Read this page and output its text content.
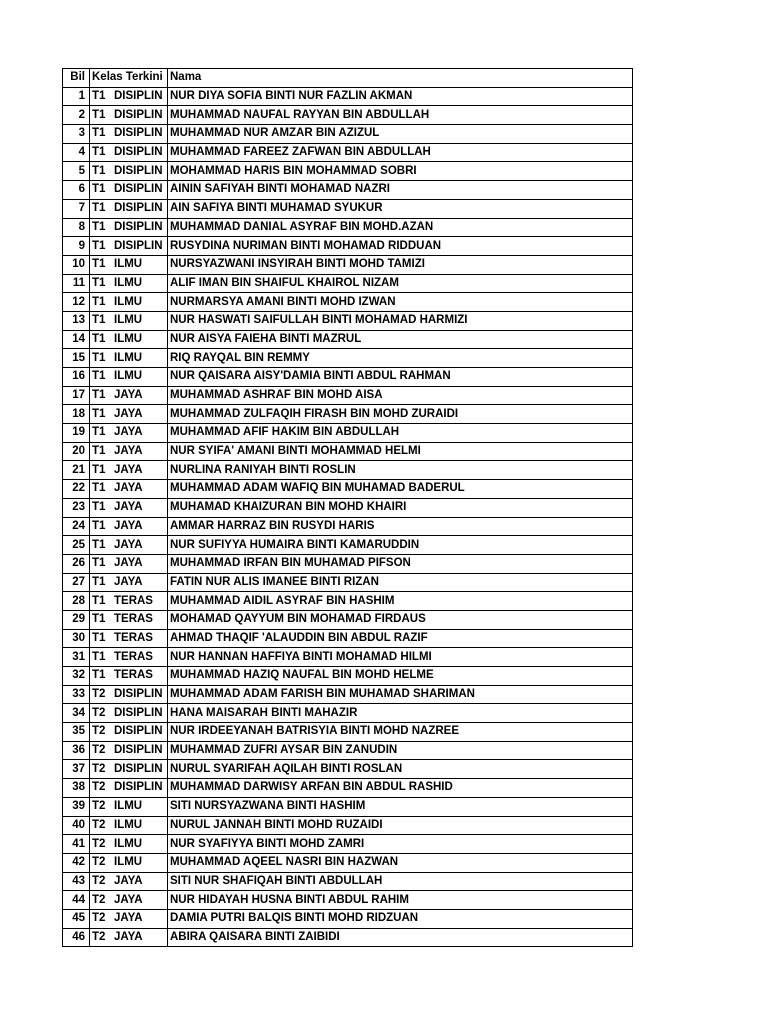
Bil	Kelas Terkini	Nama
1	T1 DISIPLIN	NUR DIYA SOFIA BINTI NUR FAZLIN AKMAN
2	T1 DISIPLIN	MUHAMMAD NAUFAL RAYYAN BIN ABDULLAH
3	T1 DISIPLIN	MUHAMMAD NUR AMZAR BIN AZIZUL
4	T1 DISIPLIN	MUHAMMAD FAREEZ ZAFWAN BIN ABDULLAH
5	T1 DISIPLIN	MOHAMMAD HARIS BIN MOHAMMAD SOBRI
6	T1 DISIPLIN	AININ SAFIYAH BINTI MOHAMAD NAZRI
7	T1 DISIPLIN	AIN SAFIYA BINTI MUHAMAD SYUKUR
8	T1 DISIPLIN	MUHAMMAD DANIAL ASYRAF BIN MOHD.AZAN
9	T1 DISIPLIN	RUSYDINA NURIMAN BINTI MOHAMAD RIDDUAN
10	T1 ILMU	NURSYAZWANI INSYIRAH BINTI MOHD TAMIZI
11	T1 ILMU	ALIF IMAN BIN SHAIFUL KHAIROL NIZAM
12	T1 ILMU	NURMARSYA AMANI BINTI MOHD IZWAN
13	T1 ILMU	NUR HASWATI SAIFULLAH BINTI MOHAMAD HARMIZI
14	T1 ILMU	NUR AISYA FAIEHA BINTI MAZRUL
15	T1 ILMU	RIQ RAYQAL BIN REMMY
16	T1 ILMU	NUR QAISARA AISY'DAMIA BINTI ABDUL RAHMAN
17	T1 JAYA	MUHAMMAD ASHRAF BIN MOHD AISA
18	T1 JAYA	MUHAMMAD ZULFAQIH FIRASH BIN MOHD ZURAIDI
19	T1 JAYA	MUHAMMAD AFIF HAKIM BIN ABDULLAH
20	T1 JAYA	NUR SYIFA' AMANI BINTI MOHAMMAD HELMI
21	T1 JAYA	NURLINA RANIYAH BINTI ROSLIN
22	T1 JAYA	MUHAMMAD ADAM WAFIQ BIN MUHAMAD BADERUL
23	T1 JAYA	MUHAMAD KHAIZURAN BIN MOHD KHAIRI
24	T1 JAYA	AMMAR HARRAZ BIN RUSYDI HARIS
25	T1 JAYA	NUR SUFIYYA HUMAIRA BINTI KAMARUDDIN
26	T1 JAYA	MUHAMMAD IRFAN BIN MUHAMAD PIFSON
27	T1 JAYA	FATIN NUR ALIS IMANEE BINTI RIZAN
28	T1 TERAS	MUHAMMAD AIDIL ASYRAF BIN HASHIM
29	T1 TERAS	MOHAMAD QAYYUM BIN MOHAMAD FIRDAUS
30	T1 TERAS	AHMAD THAQIF 'ALAUDDIN BIN ABDUL RAZIF
31	T1 TERAS	NUR HANNAN HAFFIYA BINTI MOHAMAD HILMI
32	T1 TERAS	MUHAMMAD HAZIQ NAUFAL BIN MOHD HELME
33	T2 DISIPLIN	MUHAMMAD ADAM FARISH BIN MUHAMAD SHARIMAN
34	T2 DISIPLIN	HANA MAISARAH BINTI MAHAZIR
35	T2 DISIPLIN	NUR IRDEEYANAH BATRISYIA BINTI MOHD NAZREE
36	T2 DISIPLIN	MUHAMMAD ZUFRI AYSAR BIN ZANUDIN
37	T2 DISIPLIN	NURUL SYARIFAH AQILAH BINTI ROSLAN
38	T2 DISIPLIN	MUHAMMAD DARWISY ARFAN BIN ABDUL RASHID
39	T2 ILMU	SITI NURSYAZWANA BINTI HASHIM
40	T2 ILMU	NURUL JANNAH BINTI MOHD RUZAIDI
41	T2 ILMU	NUR SYAFIYYA BINTI MOHD ZAMRI
42	T2 ILMU	MUHAMMAD AQEEL NASRI BIN HAZWAN
43	T2 JAYA	SITI NUR SHAFIQAH BINTI ABDULLAH
44	T2 JAYA	NUR HIDAYAH HUSNA BINTI ABDUL RAHIM
45	T2 JAYA	DAMIA PUTRI BALQIS BINTI MOHD RIDZUAN
46	T2 JAYA	ABIRA QAISARA BINTI ZAIBIDI
